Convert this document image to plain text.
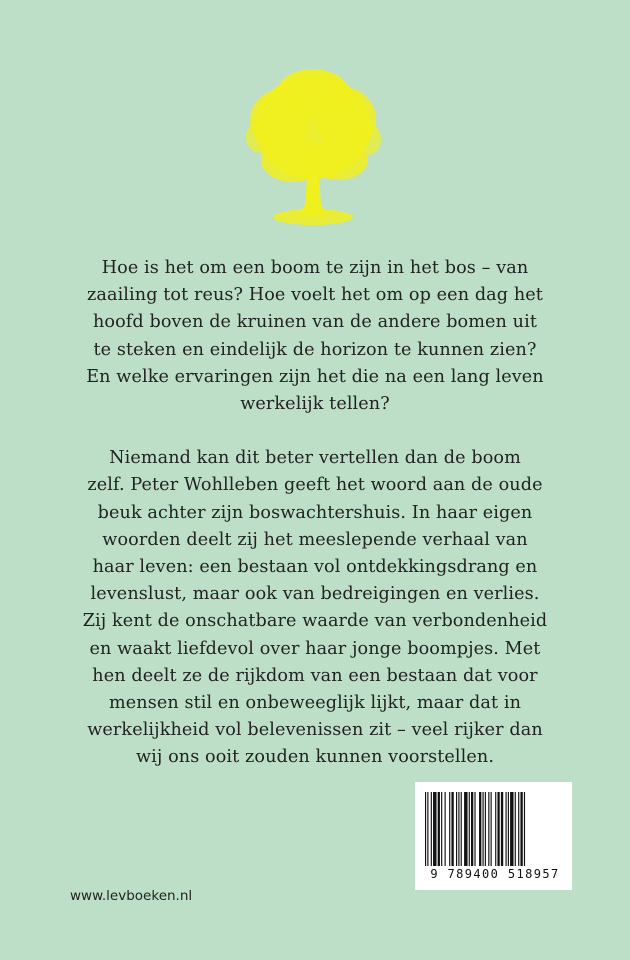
Hoe is het om een boom te zijn in het bos – van
zaailing tot reus? Hoe voelt het om op een dag het
hoofd boven de kruinen van de andere bomen uit
te steken en eindelijk de horizon te kunnen zien?
En welke ervaringen zijn het die na een lang leven
werkelijk tellen?

Niemand kan dit beter vertellen dan de boom
zelf. Peter Wohlleben geeft het woord aan de oude
beuk achter zijn boswachtershuis. In haar eigen
woorden deelt zij het meeslepende verhaal van
haar leven: een bestaan vol ontdekkingsdrang en
levenslust, maar ook van bedreigingen en verlies.
Zij kent de onschatbare waarde van verbondenheid
en waakt liefdevol over haar jonge boompjes. Met
hen deelt ze de rijkdom van een bestaan dat voor
mensen stil en onbeweeglijk lijkt, maar dat in
werkelijkheid vol belevenissen zit – veel rijker dan
wij ons ooit zouden kunnen voorstellen.

www.levboeken.nl
9 789400 518957
